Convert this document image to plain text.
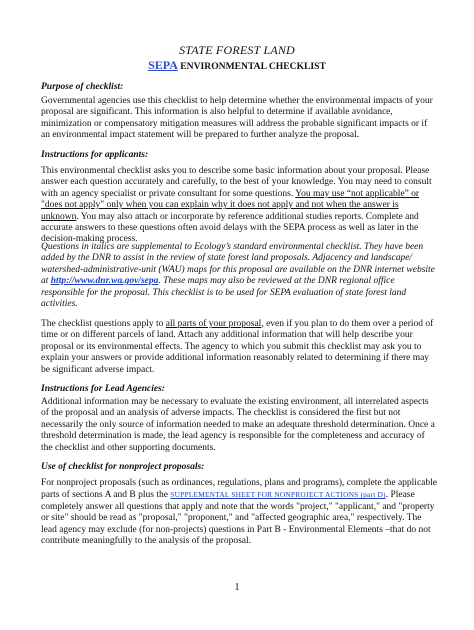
STATE FOREST LAND
SEPA ENVIRONMENTAL CHECKLIST
Purpose of checklist:
Governmental agencies use this checklist to help determine whether the environmental impacts of your proposal are significant. This information is also helpful to determine if available avoidance, minimization or compensatory mitigation measures will address the probable significant impacts or if an environmental impact statement will be prepared to further analyze the proposal.
Instructions for applicants:
This environmental checklist asks you to describe some basic information about your proposal. Please answer each question accurately and carefully, to the best of your knowledge. You may need to consult with an agency specialist or private consultant for some questions. You may use “not applicable” or "does not apply" only when you can explain why it does not apply and not when the answer is unknown. You may also attach or incorporate by reference additional studies reports. Complete and accurate answers to these questions often avoid delays with the SEPA process as well as later in the decision-making process.
Questions in italics are supplemental to Ecology’s standard environmental checklist. They have been added by the DNR to assist in the review of state forest land proposals. Adjacency and landscape/ watershed-administrative-unit (WAU) maps for this proposal are available on the DNR internet website at http://www.dnr.wa.gov/sepa. These maps may also be reviewed at the DNR regional office responsible for the proposal. This checklist is to be used for SEPA evaluation of state forest land activities.
The checklist questions apply to all parts of your proposal, even if you plan to do them over a period of time or on different parcels of land. Attach any additional information that will help describe your proposal or its environmental effects. The agency to which you submit this checklist may ask you to explain your answers or provide additional information reasonably related to determining if there may be significant adverse impact.
Instructions for Lead Agencies:
Additional information may be necessary to evaluate the existing environment, all interrelated aspects of the proposal and an analysis of adverse impacts. The checklist is considered the first but not necessarily the only source of information needed to make an adequate threshold determination. Once a threshold determination is made, the lead agency is responsible for the completeness and accuracy of the checklist and other supporting documents.
Use of checklist for nonproject proposals:
For nonproject proposals (such as ordinances, regulations, plans and programs), complete the applicable parts of sections A and B plus the SUPPLEMENTAL SHEET FOR NONPROJECT ACTIONS (part D). Please completely answer all questions that apply and note that the words "project," "applicant," and "property or site" should be read as "proposal," "proponent," and "affected geographic area," respectively. The lead agency may exclude (for non-projects) questions in Part B - Environmental Elements –that do not contribute meaningfully to the analysis of the proposal.
1
